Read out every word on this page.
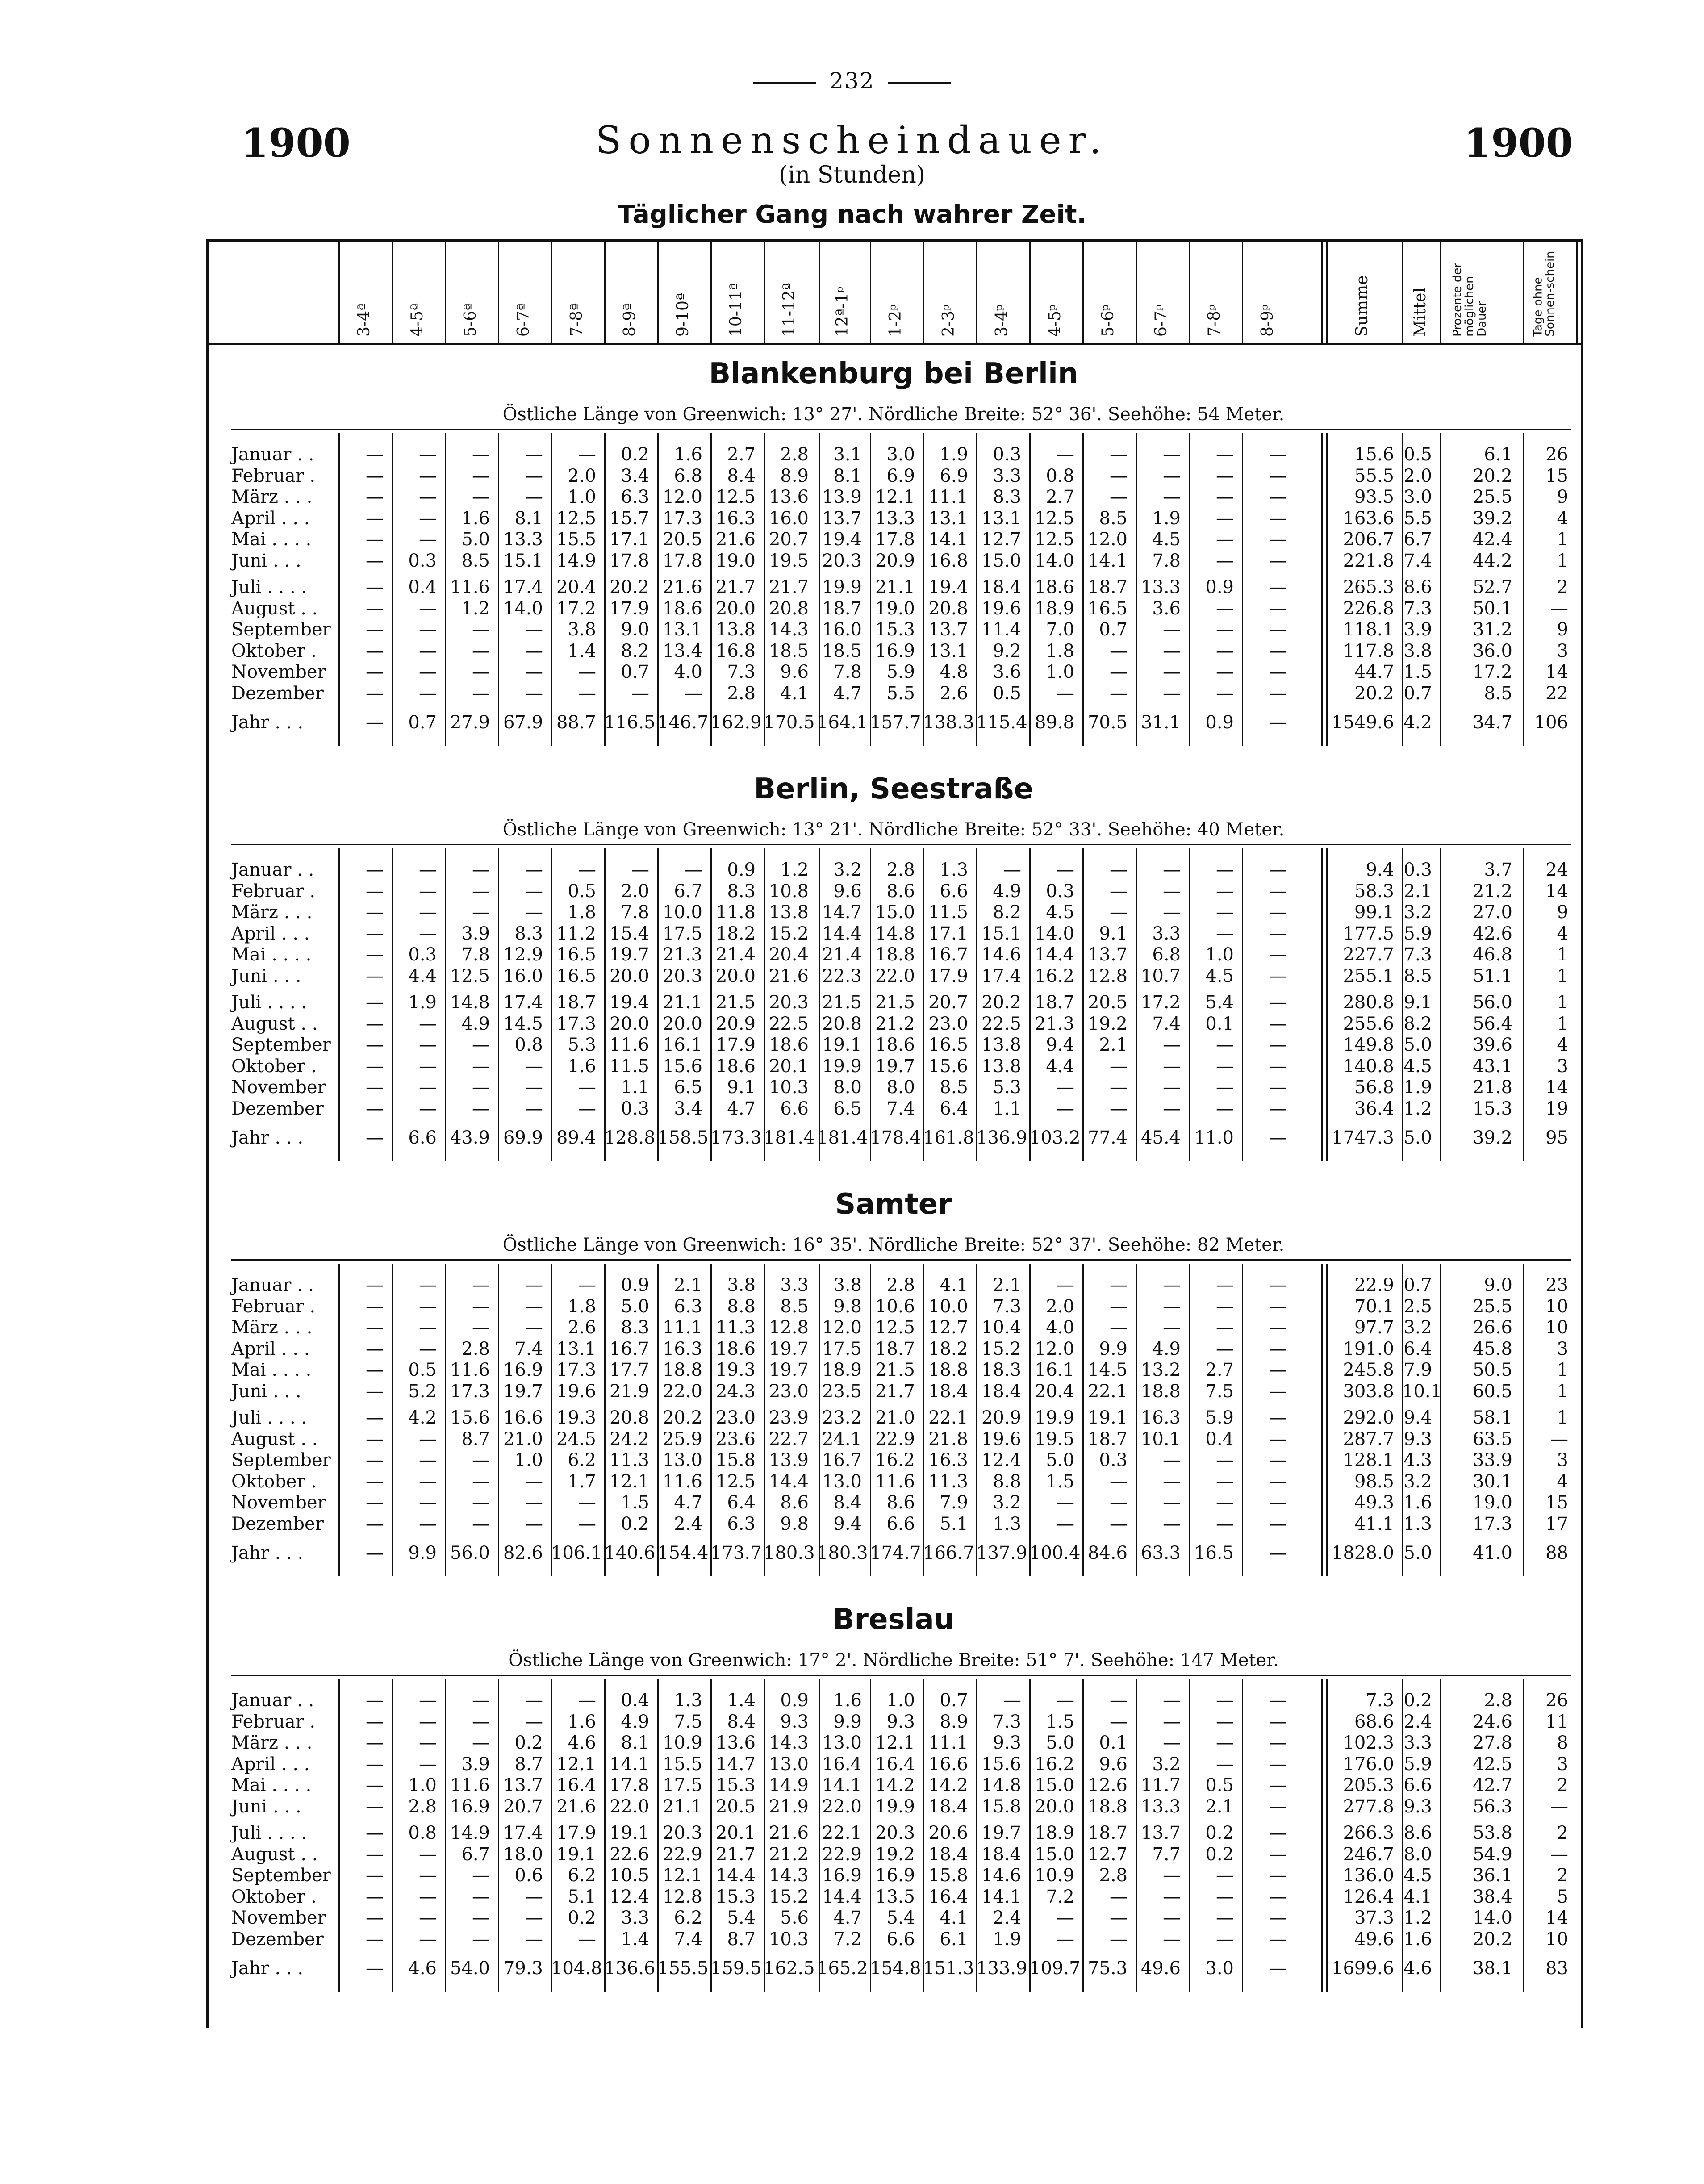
232
1900	1900
Sonnenscheindauer.
(in Stunden)
Täglicher Gang nach wahrer Zeit.
3-4ª 4-5ª 5-6ª 6-7ª 7-8ª 8-9ª 9-10ª 10-11ª 11-12ª 12ª-1ᵖ 1-2ᵖ 2-3ᵖ 3-4ᵖ 4-5ᵖ 5-6ᵖ 6-7ᵖ 7-8ᵖ 8-9ᵖ	Summe Mittel Prozente der möglichen Dauer	Tage ohne Sonnen-schein
Blankenburg bei Berlin
Östliche Länge von Greenwich: 13° 27'. Nördliche Breite: 52° 36'. Seehöhe: 54 Meter.
Januar . .	—	—	—	—	—	0.2	1.6	2.7	2.8	3.1	3.0	1.9	0.3	—	—	—	—	—	15.6 0.5	6.1	26
Februar .	—	—	—	—	2.0	3.4	6.8	8.4	8.9	8.1	6.9	6.9	3.3	0.8	—	—	—	—	55.5 2.0	20.2	15
März . . .	—	—	—	—	1.0	6.3 12.0 12.5 13.6 13.9 12.1 11.1	8.3	2.7	—	—	—	—	93.5 3.0	25.5	9
April . . .	—	—	1.6	8.1 12.5 15.7 17.3 16.3 16.0 13.7 13.3 13.1 13.1 12.5	8.5	1.9	—	—	163.6 5.5	39.2	4
Mai . . . .	—	—	5.0 13.3 15.5 17.1 20.5 21.6 20.7 19.4 17.8 14.1 12.7 12.5 12.0	4.5	—	—	206.7 6.7	42.4	1
Juni . . .	—	0.3	8.5 15.1 14.9 17.8 17.8 19.0 19.5 20.3 20.9 16.8 15.0 14.0 14.1	7.8	—	—	221.8 7.4	44.2	1
Juli . . . .	—	0.4 11.6 17.4 20.4 20.2 21.6 21.7 21.7 19.9 21.1 19.4 18.4 18.6 18.7 13.3	0.9	—	265.3 8.6	52.7	2
August . .	—	—	1.2 14.0 17.2 17.9 18.6 20.0 20.8 18.7 19.0 20.8 19.6 18.9 16.5	3.6	—	—	226.8 7.3	50.1	—
September	—	—	—	—	3.8	9.0 13.1 13.8 14.3 16.0 15.3 13.7 11.4	7.0	0.7	—	—	—	118.1 3.9	31.2	9
Oktober .	—	—	—	—	1.4	8.2 13.4 16.8 18.5 18.5 16.9 13.1	9.2	1.8	—	—	—	—	117.8 3.8	36.0	3
November	—	—	—	—	—	0.7	4.0	7.3	9.6	7.8	5.9	4.8	3.6	1.0	—	—	—	—	44.7 1.5	17.2	14
Dezember	—	—	—	—	—	—	—	2.8	4.1	4.7	5.5	2.6	0.5	—	—	—	—	—	20.2 0.7	8.5	22
Jahr . . .	—	0.7 27.9 67.9 88.7 116.5 146.7 162.9 170.5 164.1 157.7 138.3 115.4 89.8 70.5 31.1	0.9	—	1549.6 4.2	34.7	106
Berlin, Seestraße
Östliche Länge von Greenwich: 13° 21'. Nördliche Breite: 52° 33'. Seehöhe: 40 Meter.
Januar . .	—	—	—	—	—	—	—	0.9	1.2	3.2	2.8	1.3	—	—	—	—	—	—	9.4 0.3	3.7	24
Februar .	—	—	—	—	0.5	2.0	6.7	8.3 10.8	9.6	8.6	6.6	4.9	0.3	—	—	—	—	58.3 2.1	21.2	14
März . . .	—	—	—	—	1.8	7.8 10.0 11.8 13.8 14.7 15.0 11.5	8.2	4.5	—	—	—	—	99.1 3.2	27.0	9
April . . .	—	—	3.9	8.3 11.2 15.4 17.5 18.2 15.2 14.4 14.8 17.1 15.1 14.0	9.1	3.3	—	—	177.5 5.9	42.6	4
Mai . . . .	—	0.3	7.8 12.9 16.5 19.7 21.3 21.4 20.4 21.4 18.8 16.7 14.6 14.4 13.7	6.8	1.0	—	227.7 7.3	46.8	1
Juni . . .	—	4.4 12.5 16.0 16.5 20.0 20.3 20.0 21.6 22.3 22.0 17.9 17.4 16.2 12.8 10.7	4.5	—	255.1 8.5	51.1	1
Juli . . . .	—	1.9 14.8 17.4 18.7 19.4 21.1 21.5 20.3 21.5 21.5 20.7 20.2 18.7 20.5 17.2	5.4	—	280.8 9.1	56.0	1
August . .	—	—	4.9 14.5 17.3 20.0 20.0 20.9 22.5 20.8 21.2 23.0 22.5 21.3 19.2	7.4	0.1	—	255.6 8.2	56.4	1
September	—	—	—	0.8	5.3 11.6 16.1 17.9 18.6 19.1 18.6 16.5 13.8	9.4	2.1	—	—	—	149.8 5.0	39.6	4
Oktober .	—	—	—	—	1.6 11.5 15.6 18.6 20.1 19.9 19.7 15.6 13.8	4.4	—	—	—	—	140.8 4.5	43.1	3
November	—	—	—	—	—	1.1	6.5	9.1 10.3	8.0	8.0	8.5	5.3	—	—	—	—	—	56.8 1.9	21.8	14
Dezember	—	—	—	—	—	0.3	3.4	4.7	6.6	6.5	7.4	6.4	1.1	—	—	—	—	—	36.4 1.2	15.3	19
Jahr . . .	—	6.6 43.9 69.9 89.4 128.8 158.5 173.3 181.4 181.4 178.4 161.8 136.9 103.2 77.4 45.4 11.0	—	1747.3 5.0	39.2	95
Samter
Östliche Länge von Greenwich: 16° 35'. Nördliche Breite: 52° 37'. Seehöhe: 82 Meter.
Januar . .	—	—	—	—	—	0.9	2.1	3.8	3.3	3.8	2.8	4.1	2.1	—	—	—	—	—	22.9 0.7	9.0	23
Februar .	—	—	—	—	1.8	5.0	6.3	8.8	8.5	9.8 10.6 10.0	7.3	2.0	—	—	—	—	70.1 2.5	25.5	10
März . . .	—	—	—	—	2.6	8.3 11.1 11.3 12.8 12.0 12.5 12.7 10.4	4.0	—	—	—	—	97.7 3.2	26.6	10
April . . .	—	—	2.8	7.4 13.1 16.7 16.3 18.6 19.7 17.5 18.7 18.2 15.2 12.0	9.9	4.9	—	—	191.0 6.4	45.8	3
Mai . . . .	—	0.5 11.6 16.9 17.3 17.7 18.8 19.3 19.7 18.9 21.5 18.8 18.3 16.1 14.5 13.2	2.7	—	245.8 7.9	50.5	1
Juni . . .	—	5.2 17.3 19.7 19.6 21.9 22.0 24.3 23.0 23.5 21.7 18.4 18.4 20.4 22.1 18.8	7.5	—	303.8 10.1	60.5	1
Juli . . . .	—	4.2 15.6 16.6 19.3 20.8 20.2 23.0 23.9 23.2 21.0 22.1 20.9 19.9 19.1 16.3	5.9	—	292.0 9.4	58.1	1
August . .	—	—	8.7 21.0 24.5 24.2 25.9 23.6 22.7 24.1 22.9 21.8 19.6 19.5 18.7 10.1	0.4	—	287.7 9.3	63.5	—
September	—	—	—	1.0	6.2 11.3 13.0 15.8 13.9 16.7 16.2 16.3 12.4	5.0	0.3	—	—	—	128.1 4.3	33.9	3
Oktober .	—	—	—	—	1.7 12.1 11.6 12.5 14.4 13.0 11.6 11.3	8.8	1.5	—	—	—	—	98.5 3.2	30.1	4
November	—	—	—	—	—	1.5	4.7	6.4	8.6	8.4	8.6	7.9	3.2	—	—	—	—	—	49.3 1.6	19.0	15
Dezember	—	—	—	—	—	0.2	2.4	6.3	9.8	9.4	6.6	5.1	1.3	—	—	—	—	—	41.1 1.3	17.3	17
Jahr . . .	—	9.9 56.0 82.6 106.1 140.6 154.4 173.7 180.3 180.3 174.7 166.7 137.9 100.4 84.6 63.3 16.5	—	1828.0 5.0	41.0	88
Breslau
Östliche Länge von Greenwich: 17° 2'. Nördliche Breite: 51° 7'. Seehöhe: 147 Meter.
Januar . .	—	—	—	—	—	0.4	1.3	1.4	0.9	1.6	1.0	0.7	—	—	—	—	—	—	7.3 0.2	2.8	26
Februar .	—	—	—	—	1.6	4.9	7.5	8.4	9.3	9.9	9.3	8.9	7.3	1.5	—	—	—	—	68.6 2.4	24.6	11
März . . .	—	—	—	0.2	4.6	8.1 10.9 13.6 14.3 13.0 12.1 11.1	9.3	5.0	0.1	—	—	—	102.3 3.3	27.8	8
April . . .	—	—	3.9	8.7 12.1 14.1 15.5 14.7 13.0 16.4 16.4 16.6 15.6 16.2	9.6	3.2	—	—	176.0 5.9	42.5	3
Mai . . . .	—	1.0 11.6 13.7 16.4 17.8 17.5 15.3 14.9 14.1 14.2 14.2 14.8 15.0 12.6 11.7	0.5	—	205.3 6.6	42.7	2
Juni . . .	—	2.8 16.9 20.7 21.6 22.0 21.1 20.5 21.9 22.0 19.9 18.4 15.8 20.0 18.8 13.3	2.1	—	277.8 9.3	56.3	—
Juli . . . .	—	0.8 14.9 17.4 17.9 19.1 20.3 20.1 21.6 22.1 20.3 20.6 19.7 18.9 18.7 13.7	0.2	—	266.3 8.6	53.8	2
August . .	—	—	6.7 18.0 19.1 22.6 22.9 21.7 21.2 22.9 19.2 18.4 18.4 15.0 12.7	7.7	0.2	—	246.7 8.0	54.9	—
September	—	—	—	0.6	6.2 10.5 12.1 14.4 14.3 16.9 16.9 15.8 14.6 10.9	2.8	—	—	—	136.0 4.5	36.1	2
Oktober .	—	—	—	—	5.1 12.4 12.8 15.3 15.2 14.4 13.5 16.4 14.1	7.2	—	—	—	—	126.4 4.1	38.4	5
November	—	—	—	—	0.2	3.3	6.2	5.4	5.6	4.7	5.4	4.1	2.4	—	—	—	—	—	37.3 1.2	14.0	14
Dezember	—	—	—	—	—	1.4	7.4	8.7 10.3	7.2	6.6	6.1	1.9	—	—	—	—	—	49.6 1.6	20.2	10
Jahr . . .	—	4.6 54.0 79.3 104.8 136.6 155.5 159.5 162.5 165.2 154.8 151.3 133.9 109.7 75.3 49.6	3.0	—	1699.6 4.6	38.1	83
